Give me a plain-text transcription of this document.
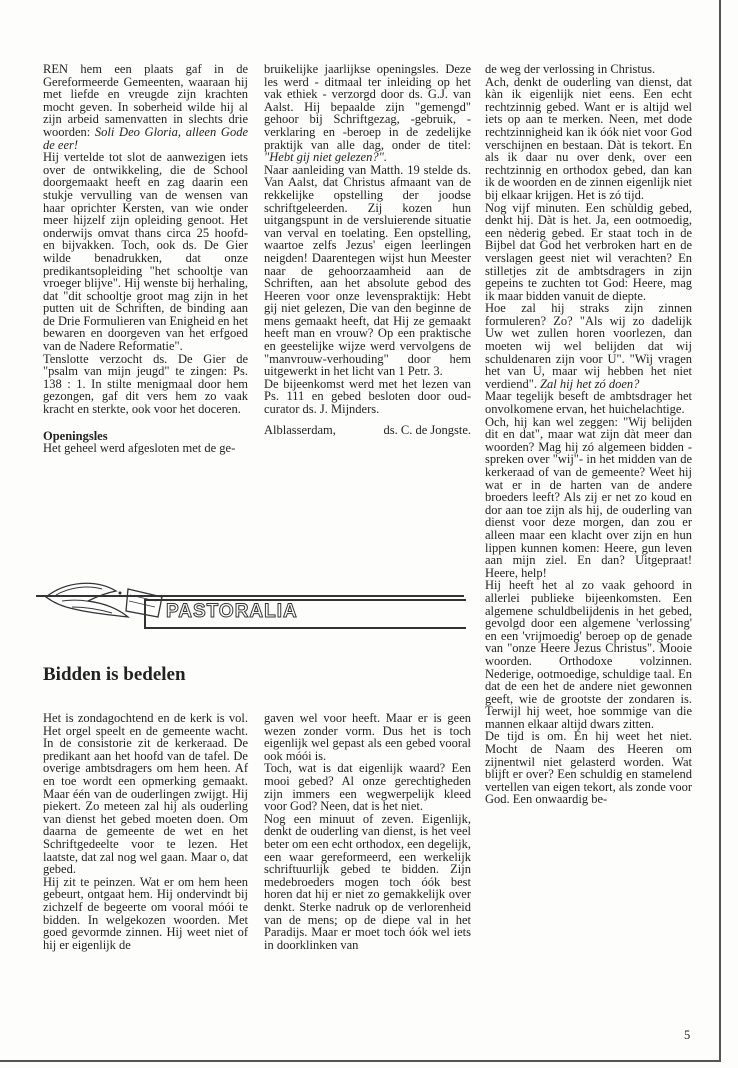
REN hem een plaats gaf in de Gereformeerde Gemeenten, waaraan hij met liefde en vreugde zijn krachten mocht geven. In soberheid wilde hij al zijn arbeid samenvatten in slechts drie woorden: Soli Deo Gloria, alleen Gode de eer!

Hij vertelde tot slot de aanwezigen iets over de ontwikkeling, die de School doorgemaakt heeft en zag daarin een stukje vervulling van de wensen van haar oprichter Kersten, van wie onder meer hijzelf zijn opleiding genoot. Het onderwijs omvat thans circa 25 hoofd- en bijvakken. Toch, ook ds. De Gier wilde benadrukken, dat onze predikantsopleiding "het schooltje van vroeger blijve". Hij wenste bij herhaling, dat "dit schooltje groot mag zijn in het putten uit de Schriften, de binding aan de Drie Formulieren van Enigheid en het bewaren en doorgeven van het erfgoed van de Nadere Reformatie".

Tenslotte verzocht ds. De Gier de "psalm van mijn jeugd" te zingen: Ps. 138 : 1. In stilte menigmaal door hem gezongen, gaf dit vers hem zo vaak kracht en sterkte, ook voor het doceren.

Openingsles

Het geheel werd afgesloten met de ge-

bruikelijke jaarlijkse openingsles. Deze les werd - ditmaal ter inleiding op het vak ethiek - verzorgd door ds. G.J. van Aalst. Hij bepaalde zijn "gemengd" gehoor bij Schriftgezag, -gebruik, -verklaring en -beroep in de zedelijke praktijk van alle dag, onder de titel: "Hebt gij niet gelezen?".

Naar aanleiding van Matth. 19 stelde ds. Van Aalst, dat Christus afmaant van de rekkelijke opstelling der joodse schriftgeleerden. Zij kozen hun uitgangspunt in de versluierende situatie van verval en toelating. Een opstelling, waartoe zelfs Jezus' eigen leerlingen neigden! Daarentegen wijst hun Meester naar de gehoorzaamheid aan de Schriften, aan het absolute gebod des Heeren voor onze levenspraktijk: Hebt gij niet gelezen, Die van den beginne de mens gemaakt heeft, dat Hij ze gemaakt heeft man en vrouw? Op een praktische en geestelijke wijze werd vervolgens de "manvrouw-verhouding" door hem uitgewerkt in het licht van 1 Petr. 3.

De bijeenkomst werd met het lezen van Ps. 111 en gebed besloten door oud-curator ds. J. Mijnders.

Alblasserdam,	ds. C. de Jongste.

de weg der verlossing in Christus.

Ach, denkt de ouderling van dienst, dat kàn ik eigenlijk niet eens. Een echt rechtzinnig gebed. Want er is altijd wel iets op aan te merken. Neen, met dode rechtzinnigheid kan ik óók niet voor God verschijnen en bestaan. Dàt is tekort. En als ik daar nu over denk, over een rechtzinnig en orthodox gebed, dan kan ik de woorden en de zinnen eigenlijk niet bij elkaar krijgen. Het is zó tijd.

Nog vijf minuten. Een schùldig gebed, denkt hij. Dàt is het. Ja, een ootmoedig, een nèderig gebed. Er staat toch in de Bijbel dat God het verbroken hart en de verslagen geest niet wil verachten? En stilletjes zit de ambtsdragers in zijn gepeins te zuchten tot God: Heere, mag ik maar bidden vanuit de diepte.

Hoe zal hij straks zijn zinnen formuleren? Zo? "Als wij zo dadelijk Uw wet zullen horen voorlezen, dan moeten wij wel belijden dat wij schuldenaren zijn voor U". "Wij vragen het van U, maar wij hebben het niet verdiend". Zal hij het zó doen?

Maar tegelijk beseft de ambtsdrager het onvolkomene ervan, het huichelachtige.

Och, hij kan wel zeggen: "Wij belijden dit en dat", maar wat zijn dàt meer dan woorden? Mag hij zó algemeen bidden -spreken over "wij"- in het midden van de kerkeraad of van de gemeente? Weet hij wat er in de harten van de andere broeders leeft? Als zij er net zo koud en dor aan toe zijn als hij, de ouderling van dienst voor deze morgen, dan zou er alleen maar een klacht over zijn en hun lippen kunnen komen: Heere, gun leven aan mijn ziel. En dan? Uitgepraat! Heere, help!

Hij heeft het al zo vaak gehoord in allerlei publieke bijeenkomsten. Een algemene schuldbelijdenis in het gebed, gevolgd door een algemene 'verlossing' en een 'vrijmoedig' beroep op de genade van "onze Heere Jezus Christus". Mooie woorden. Orthodoxe volzinnen. Nederige, ootmoedige, schuldige taal. En dat de een het de andere niet gewonnen geeft, wie de grootste der zondaren is. Terwijl hij weet, hoe sommige van die mannen elkaar altijd dwars zitten.

De tijd is om. En hij weet het niet. Mocht de Naam des Heeren om zijnentwil niet gelasterd worden. Wat blijft er over? Een schuldig en stamelend vertellen van eigen tekort, als zonde voor God. Een onwaardig be-

PASTORALIA
Bidden is bedelen

Het is zondagochtend en de kerk is vol. Het orgel speelt en de gemeente wacht. In de consistorie zit de kerkeraad. De predikant aan het hoofd van de tafel. De overige ambtsdragers om hem heen. Af en toe wordt een opmerking gemaakt. Maar één van de ouderlingen zwijgt. Hij piekert. Zo meteen zal hij als ouderling van dienst het gebed moeten doen. Om daarna de gemeente de wet en het Schriftgedeelte voor te lezen. Het laatste, dat zal nog wel gaan. Maar o, dat gebed.

Hij zit te peinzen. Wat er om hem heen gebeurt, ontgaat hem. Hij ondervindt bij zichzelf de begeerte om vooral móói te bidden. In welgekozen woorden. Met goed gevormde zinnen. Hij weet niet of hij er eigenlijk de

gaven wel voor heeft. Maar er is geen wezen zonder vorm. Dus het is toch eigenlijk wel gepast als een gebed vooral ook móói is.

Toch, wat is dat eigenlijk waard? Een mooi gebed? Al onze gerechtigheden zijn immers een wegwerpelijk kleed voor God? Neen, dat is het niet.

Nog een minuut of zeven. Eigenlijk, denkt de ouderling van dienst, is het veel beter om een echt orthodox, een degelijk, een waar gereformeerd, een werkelijk schriftuurlijk gebed te bidden. Zijn medebroeders mogen toch óók best horen dat hij er niet zo gemakkelijk over denkt. Sterke nadruk op de verlorenheid van de mens; op de diepe val in het Paradijs. Maar er moet toch óók wel iets in doorklinken van

5
